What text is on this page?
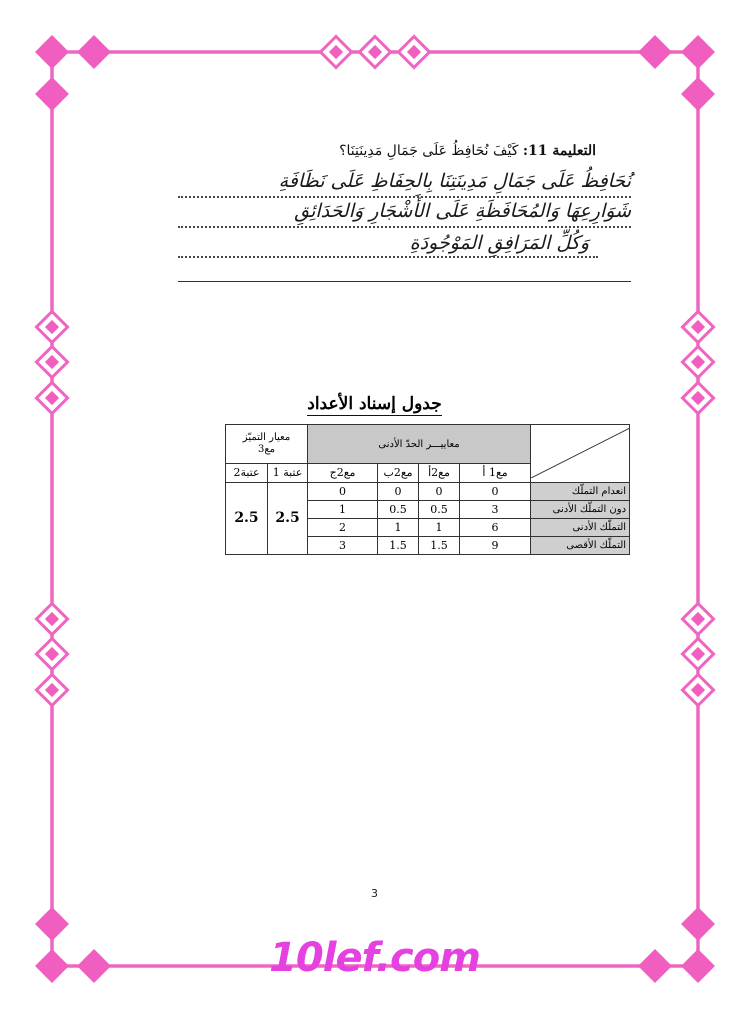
التعليمة 11: كَيْفَ نُحَافِظُ عَلَى جَمَالِ مَدِينَتِنَا؟
نُحَافِظُ عَلَى جَمَالِ مَدِينَتِنَا بِالحِفَاظِ عَلَى نَظَافَةِ
شَوَارِعِهَا وَالمُحَافَظَةِ عَلَى الأَشْجَارِ وَالحَدَائِقِ
وَكُلِّ المَرَافِقِ المَوْجُودَةِ
جدول إسناد الأعداد
معيار التميّز
مع3		معاييـــر الحدّ الأدنى	

عتبة2	عتبة 1	مع2ج	مع2ب	مع2أ	مع1 أ	
2.5	2.5	0	0	0	0	انعدام التملّك
		1	0.5	0.5	3	دون التملّك الأدنى
		2	1	1	6	التملّك الأدنى
		3	1.5	1.5	9	التملّك الأقصى
3
10lef.com
